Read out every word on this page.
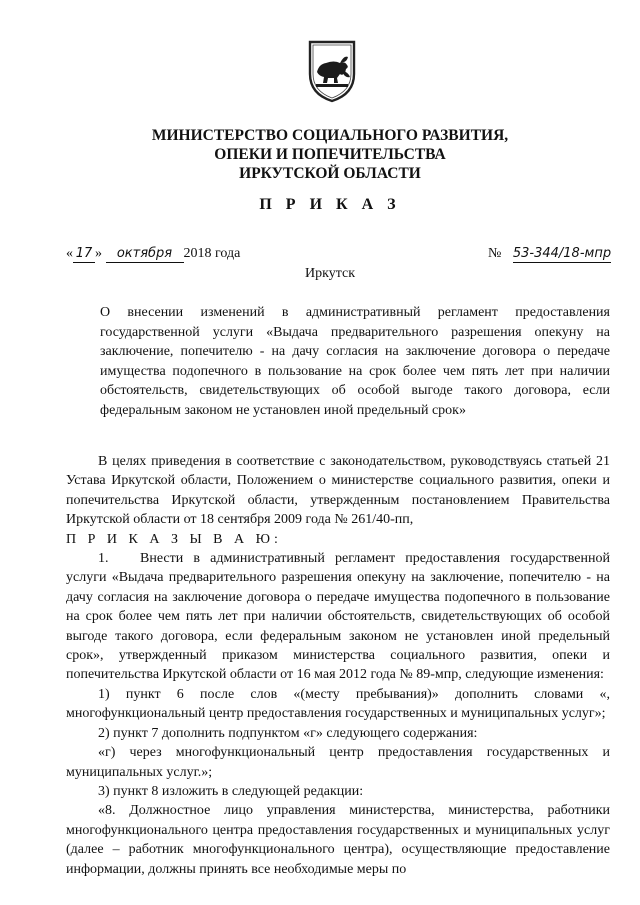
МИНИСТЕРСТВО СОЦИАЛЬНОГО РАЗВИТИЯ,
ОПЕКИ И ПОПЕЧИТЕЛЬСТВА
ИРКУТСКОЙ ОБЛАСТИ
П Р И К А З
« 17 » октября 2018 года	№ 53-344/18-мпр
Иркутск
О внесении изменений в административный регламент предоставления государственной услуги «Выдача предварительного разрешения опекуну на заключение, попечителю - на дачу согласия на заключение договора о передаче имущества подопечного в пользование на срок более чем пять лет при наличии обстоятельств, свидетельствующих об особой выгоде такого договора, если федеральным законом не установлен иной предельный срок»

В целях приведения в соответствие с законодательством, руководствуясь статьей 21 Устава Иркутской области, Положением о министерстве социального развития, опеки и попечительства Иркутской области, утвержденным постановлением Правительства Иркутской области от 18 сентября 2009 года № 261/40-пп,

П Р И К А З Ы В А Ю:

1. Внести в административный регламент предоставления государственной услуги «Выдача предварительного разрешения опекуну на заключение, попечителю - на дачу согласия на заключение договора о передаче имущества подопечного в пользование на срок более чем пять лет при наличии обстоятельств, свидетельствующих об особой выгоде такого договора, если федеральным законом не установлен иной предельный срок», утвержденный приказом министерства социального развития, опеки и попечительства Иркутской области от 16 мая 2012 года № 89-мпр, следующие изменения:

1) пункт 6 после слов «(месту пребывания)» дополнить словами «, многофункциональный центр предоставления государственных и муниципальных услуг»;

2) пункт 7 дополнить подпунктом «г» следующего содержания:

«г) через многофункциональный центр предоставления государственных и муниципальных услуг.»;

3) пункт 8 изложить в следующей редакции:

«8. Должностное лицо управления министерства, министерства, работники многофункционального центра предоставления государственных и муниципальных услуг (далее – работник многофункционального центра), осуществляющие предоставление информации, должны принять все необходимые меры по
